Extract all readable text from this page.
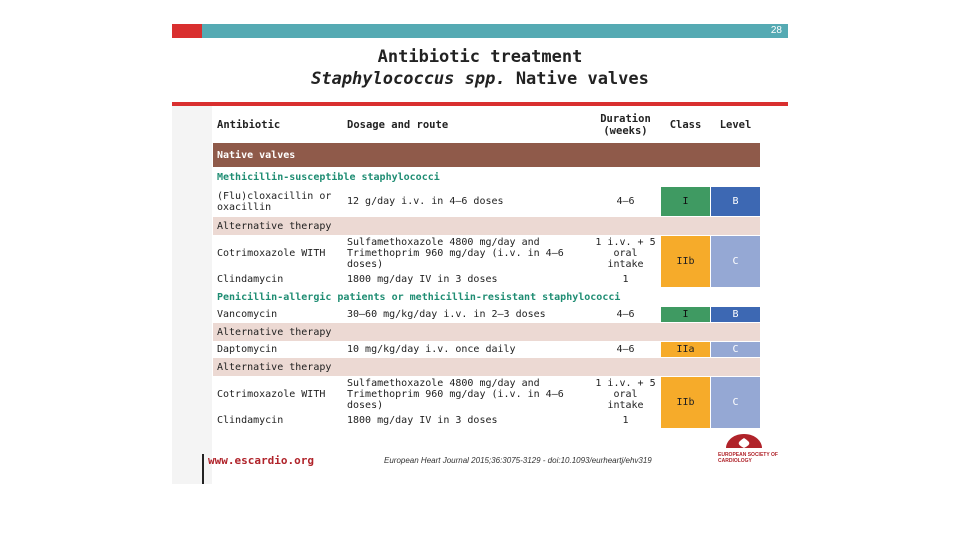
28
Antibiotic treatment
Staphylococcus spp. Native valves
Antibiotic	Dosage and route	Duration (weeks)	Class	Level
Native valves				
Methicillin-susceptible staphylococci				
(Flu)cloxacillin or oxacillin	12 g/day i.v. in 4–6 doses	4–6	I	B
Alternative therapy				
Cotrimoxazole WITH	Sulfamethoxazole 4800 mg/day and Trimethoprim 960 mg/day (i.v. in 4–6 doses)	1 i.v. + 5 oral intake	IIb	C
Clindamycin	1800 mg/day IV in 3 doses	1		
Penicillin-allergic patients or methicillin-resistant staphylococci				
Vancomycin	30–60 mg/kg/day i.v. in 2–3 doses	4–6	I	B
Alternative therapy				
Daptomycin	10 mg/kg/day i.v. once daily	4–6	IIa	C
Alternative therapy				
Cotrimoxazole WITH	Sulfamethoxazole 4800 mg/day and Trimethoprim 960 mg/day (i.v. in 4–6 doses)	1 i.v. + 5 oral intake	IIb	C
Clindamycin	1800 mg/day IV in 3 doses	1		
www.escardio.org	European Heart Journal 2015;36:3075-3129 - doi:10.1093/eurheartj/ehv319
EUROPEAN SOCIETY OF CARDIOLOGY
